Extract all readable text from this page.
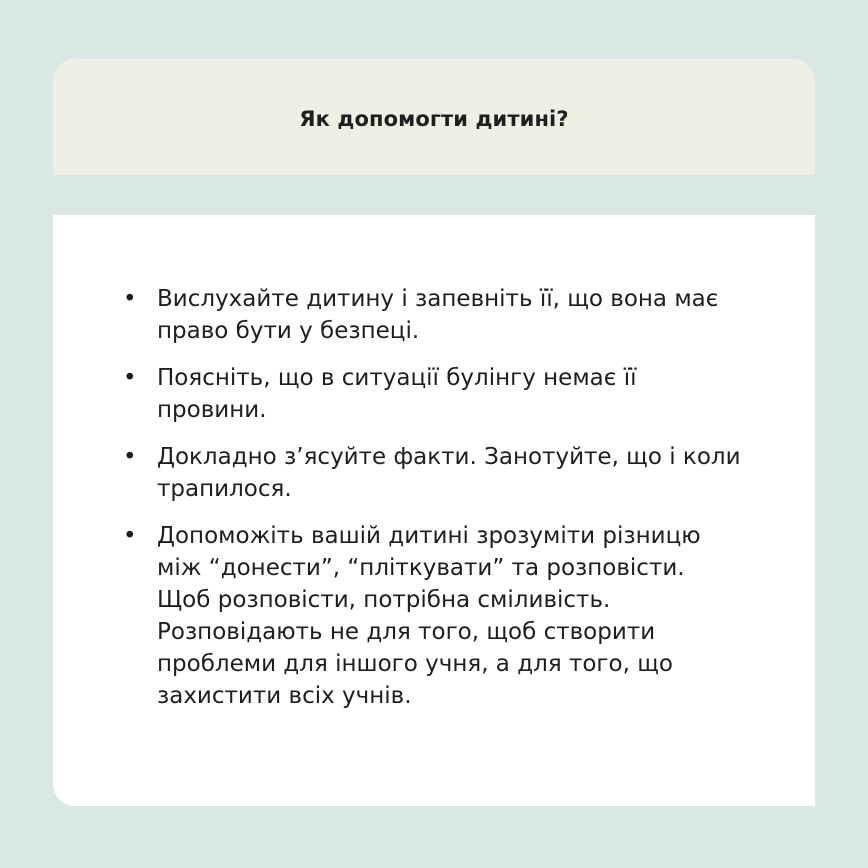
Як допомогти дитині?
• Вислухайте дитину і запевніть її, що вона має право бути у безпеці.
• Поясніть, що в ситуації булінгу немає її провини.
• Докладно з’ясуйте факти. Занотуйте, що і коли трапилося.
• Допоможіть вашій дитині зрозуміти різницю між “донести”, “пліткувати” та розповісти. Щоб розповісти, потрібна сміливість. Розповідають не для того, щоб створити проблеми для іншого учня, а для того, що захистити всіх учнів.
